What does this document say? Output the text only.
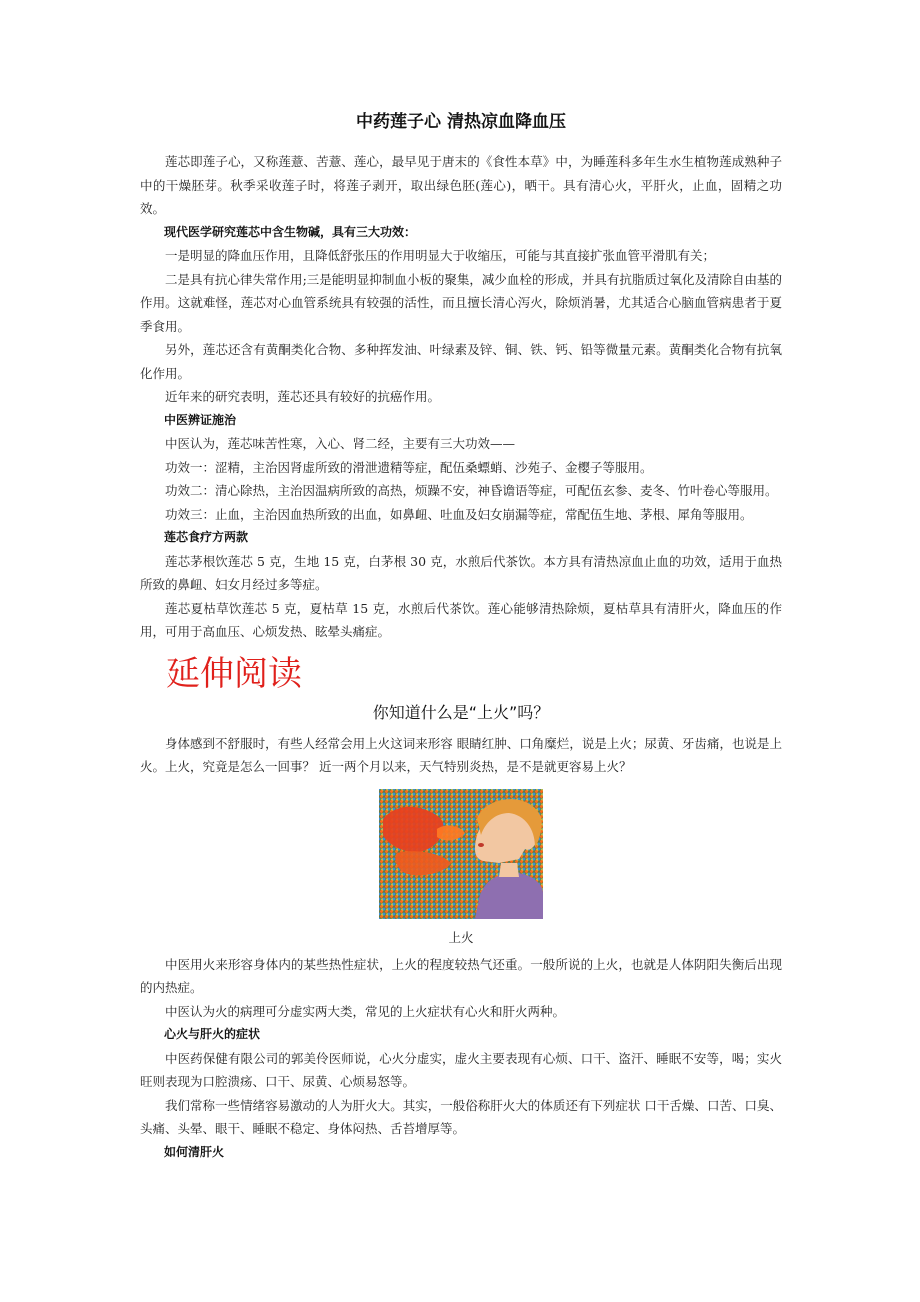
中药莲子心 清热凉血降血压

莲芯即莲子心，又称莲薏、苦薏、莲心，最早见于唐末的《食性本草》中，为睡莲科多年生水生植物莲成熟种子中的干燥胚芽。秋季采收莲子时，将莲子剥开，取出绿色胚(莲心)，晒干。具有清心火，平肝火，止血，固精之功效。

现代医学研究莲芯中含生物碱，具有三大功效：

一是明显的降血压作用，且降低舒张压的作用明显大于收缩压，可能与其直接扩张血管平滑肌有关；

二是具有抗心律失常作用;三是能明显抑制血小板的聚集，减少血栓的形成，并具有抗脂质过氧化及清除自由基的作用。这就难怪，莲芯对心血管系统具有较强的活性，而且擅长清心泻火，除烦消暑，尤其适合心脑血管病患者于夏季食用。

另外，莲芯还含有黄酮类化合物、多种挥发油、叶绿素及锌、铜、铁、钙、铅等微量元素。黄酮类化合物有抗氧化作用。

近年来的研究表明，莲芯还具有较好的抗癌作用。

中医辨证施治

中医认为，莲芯味苦性寒，入心、肾二经，主要有三大功效——

功效一：涩精，主治因肾虚所致的滑泄遗精等症，配伍桑螵蛸、沙苑子、金樱子等服用。

功效二：清心除热，主治因温病所致的高热，烦躁不安，神昏谵语等症，可配伍玄参、麦冬、竹叶卷心等服用。

功效三：止血，主治因血热所致的出血，如鼻衄、吐血及妇女崩漏等症，常配伍生地、茅根、犀角等服用。

莲芯食疗方两款

莲芯茅根饮莲芯 5 克，生地 15 克，白茅根 30 克，水煎后代茶饮。本方具有清热凉血止血的功效，适用于血热所致的鼻衄、妇女月经过多等症。

莲芯夏枯草饮莲芯 5 克，夏枯草 15 克，水煎后代茶饮。莲心能够清热除烦，夏枯草具有清肝火，降血压的作用，可用于高血压、心烦发热、眩晕头痛症。

延伸阅读
你知道什么是“上火”吗？

身体感到不舒服时，有些人经常会用上火这词来形容 眼睛红肿、口角糜烂，说是上火；尿黄、牙齿痛，也说是上火。上火，究竟是怎么一回事？ 近一两个月以来，天气特别炎热，是不是就更容易上火？

上火

中医用火来形容身体内的某些热性症状，上火的程度较热气还重。一般所说的上火，也就是人体阴阳失衡后出现的内热症。

中医认为火的病理可分虚实两大类，常见的上火症状有心火和肝火两种。

心火与肝火的症状

中医药保健有限公司的郭美伶医师说，心火分虚实，虚火主要表现有心烦、口干、盗汗、睡眠不安等，喝；实火旺则表现为口腔溃疡、口干、尿黄、心烦易怒等。

我们常称一些情绪容易激动的人为肝火大。其实，一般俗称肝火大的体质还有下列症状 口干舌燥、口苦、口臭、头痛、头晕、眼干、睡眠不稳定、身体闷热、舌苔增厚等。

如何清肝火
